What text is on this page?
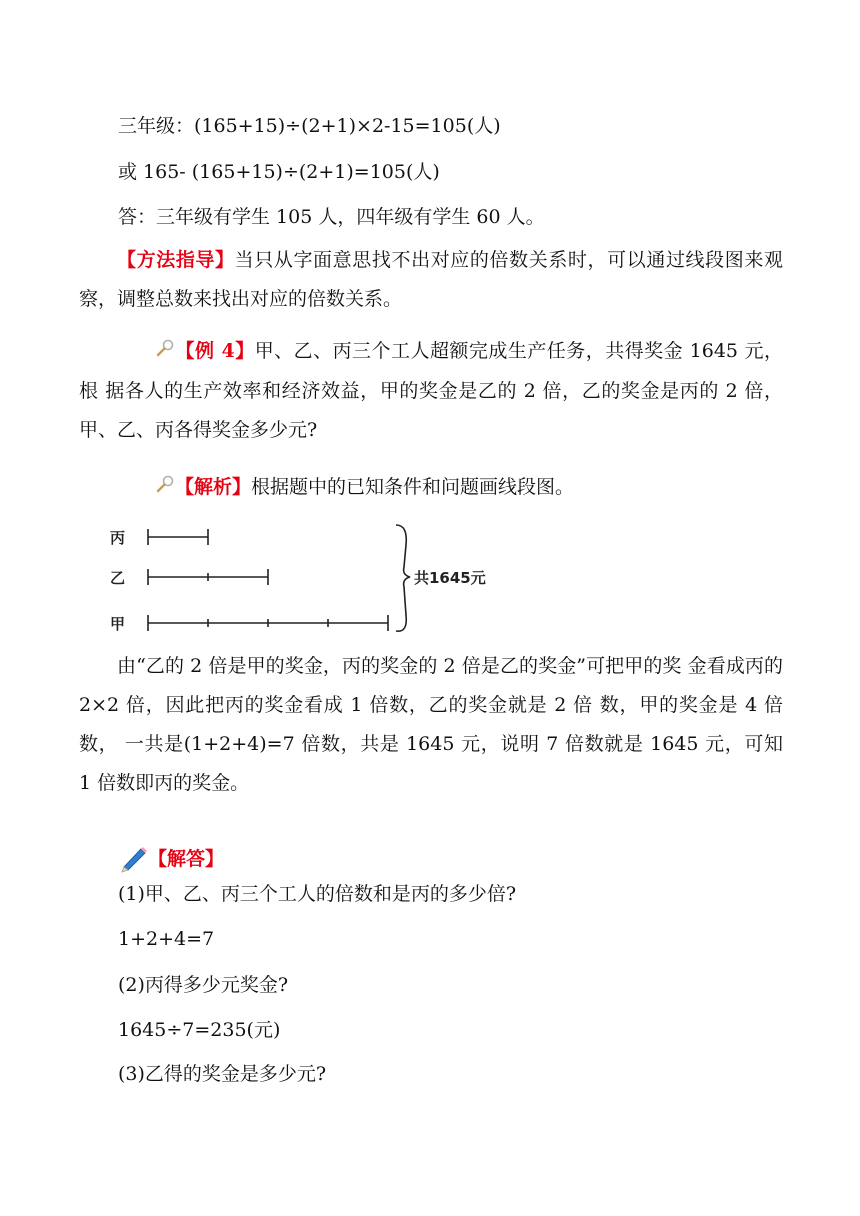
三年级：(165+15)÷(2+1)×2-15=105(人)
或 165- (165+15)÷(2+1)=105(人)
答：三年级有学生 105 人，四年级有学生 60 人。
【方法指导】当只从字面意思找不出对应的倍数关系时，可以通过线段图来观察，调整总数来找出对应的倍数关系。
【例 4】甲、乙、丙三个工人超额完成生产任务，共得奖金 1645 元，根 据各人的生产效率和经济效益，甲的奖金是乙的 2 倍，乙的奖金是丙的 2 倍，甲、乙、丙各得奖金多少元?
【解析】根据题中的已知条件和问题画线段图。
丙
乙
甲
共1645元
由“乙的 2 倍是甲的奖金，丙的奖金的 2 倍是乙的奖金”可把甲的奖 金看成丙的 2×2 倍，因此把丙的奖金看成 1 倍数，乙的奖金就是 2 倍 数，甲的奖金是 4 倍数， 一共是(1+2+4)=7 倍数，共是 1645 元，说明 7 倍数就是 1645 元，可知 1 倍数即丙的奖金。
【解答】
(1)甲、乙、丙三个工人的倍数和是丙的多少倍?
1+2+4=7
(2)丙得多少元奖金?
1645÷7=235(元)
(3)乙得的奖金是多少元?
